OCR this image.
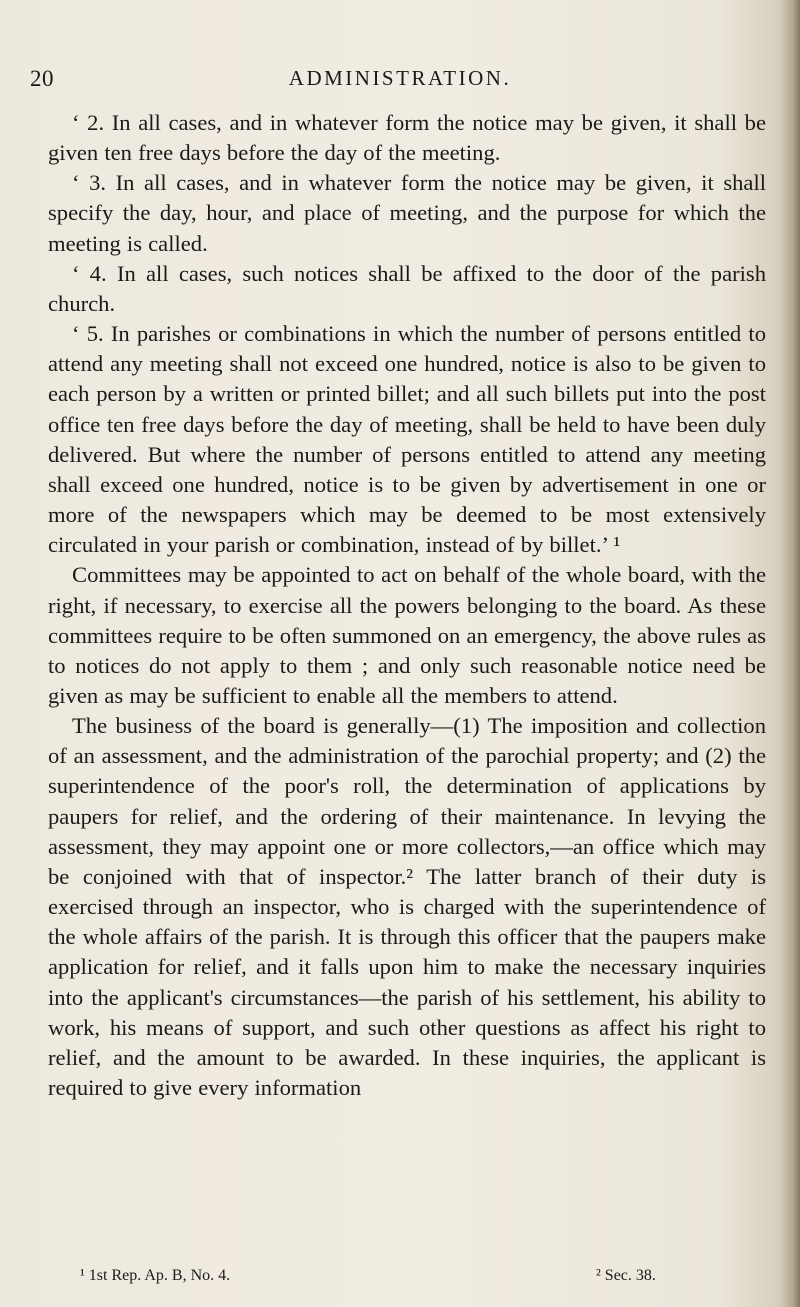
20	ADMINISTRATION.

‘ 2. In all cases, and in whatever form the notice may be given, it shall be given ten free days before the day of the meeting.

‘ 3. In all cases, and in whatever form the notice may be given, it shall specify the day, hour, and place of meeting, and the purpose for which the meeting is called.

‘ 4. In all cases, such notices shall be affixed to the door of the parish church.

‘ 5. In parishes or combinations in which the number of persons entitled to attend any meeting shall not exceed one hundred, notice is also to be given to each person by a written or printed billet; and all such billets put into the post office ten free days before the day of meeting, shall be held to have been duly delivered. But where the number of persons entitled to attend any meeting shall exceed one hundred, notice is to be given by advertisement in one or more of the newspapers which may be deemed to be most extensively circulated in your parish or combination, instead of by billet.’ ¹

Committees may be appointed to act on behalf of the whole board, with the right, if necessary, to exercise all the powers belonging to the board. As these committees require to be often summoned on an emergency, the above rules as to notices do not apply to them ; and only such reasonable notice need be given as may be sufficient to enable all the members to attend.

The business of the board is generally—(1) The imposition and collection of an assessment, and the administration of the parochial property; and (2) the superintendence of the poor's roll, the determination of applications by paupers for relief, and the ordering of their maintenance. In levying the assessment, they may appoint one or more collectors,—an office which may be conjoined with that of inspector.² The latter branch of their duty is exercised through an inspector, who is charged with the superintendence of the whole affairs of the parish. It is through this officer that the paupers make application for relief, and it falls upon him to make the necessary inquiries into the applicant's circumstances—the parish of his settlement, his ability to work, his means of support, and such other questions as affect his right to relief, and the amount to be awarded. In these inquiries, the applicant is required to give every information

¹ 1st Rep. Ap. B, No. 4.	² Sec. 38.
